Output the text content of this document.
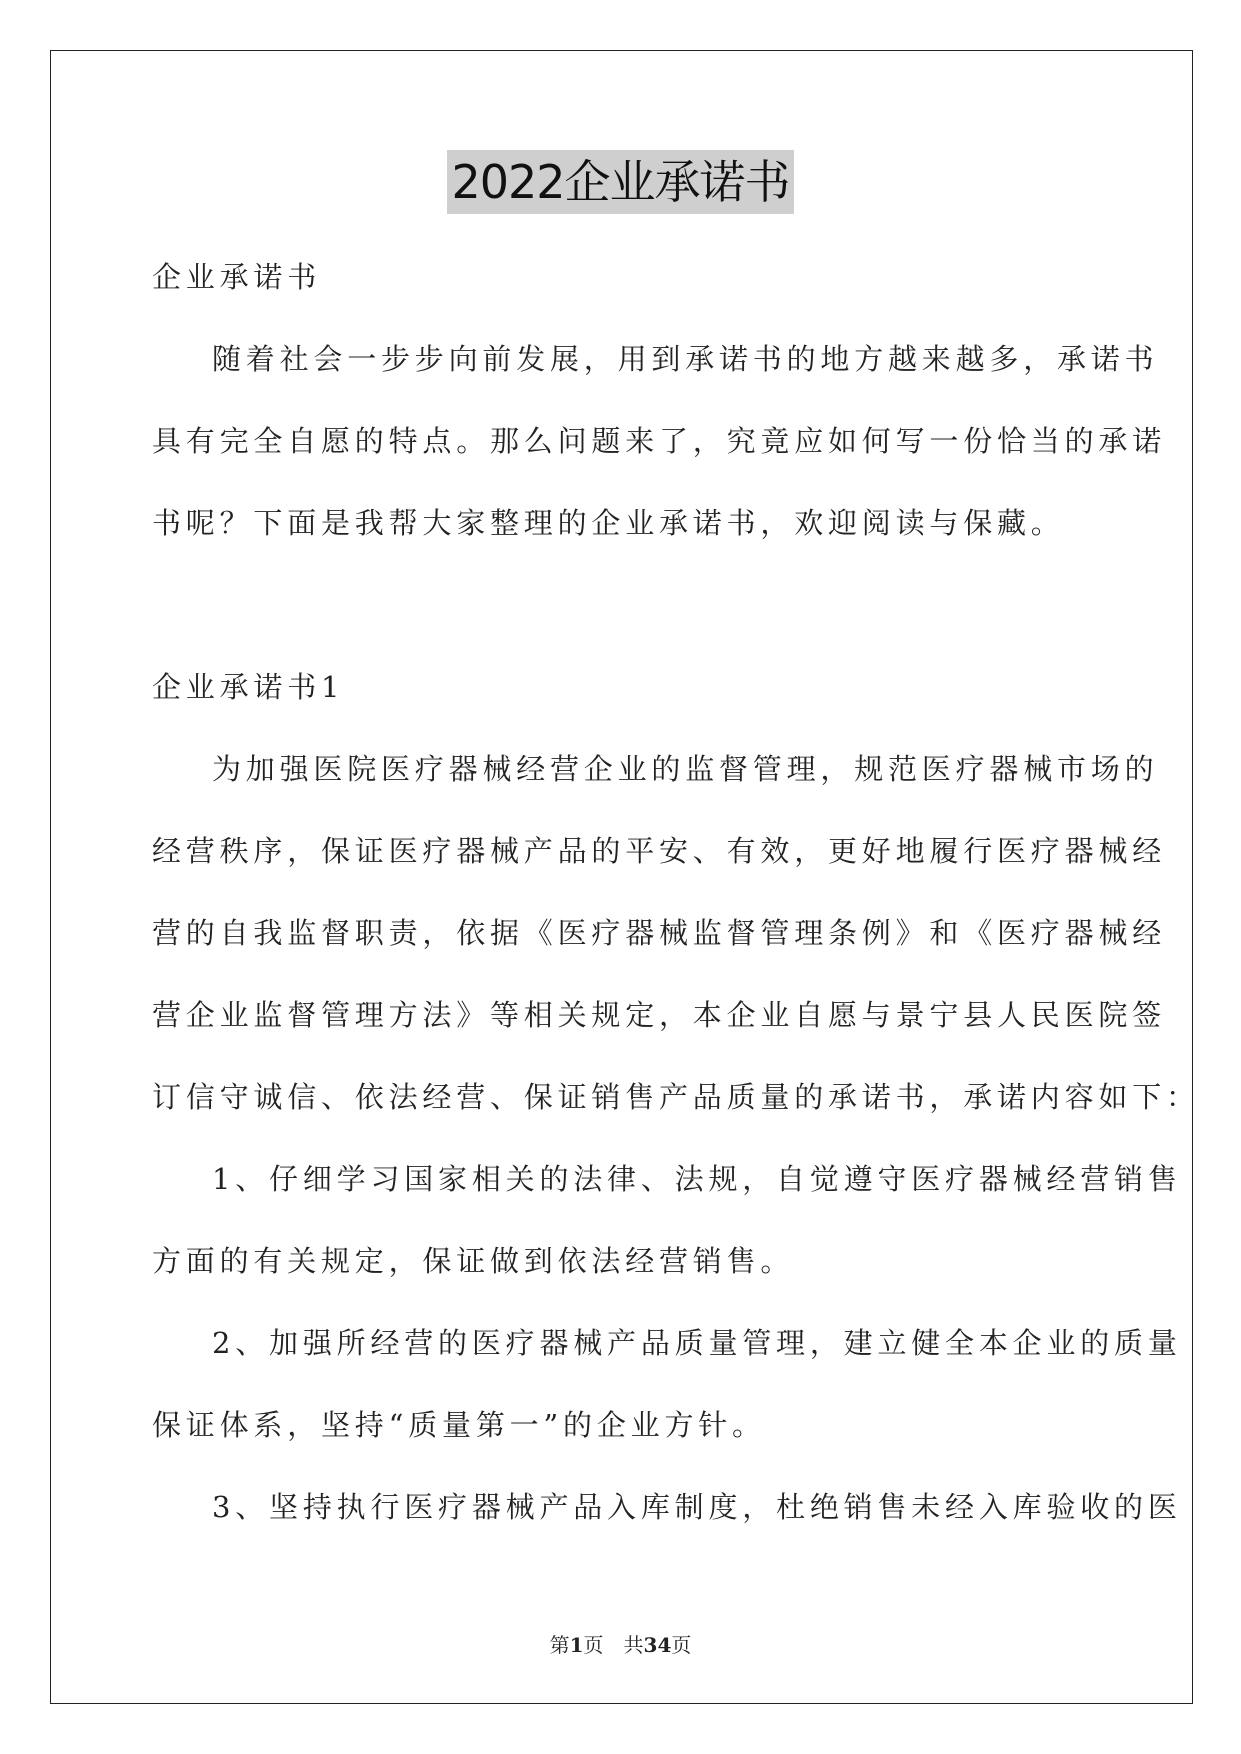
2022企业承诺书
企业承诺书
随着社会一步步向前发展，用到承诺书的地方越来越多，承诺书
具有完全自愿的特点。那么问题来了，究竟应如何写一份恰当的承诺
书呢？下面是我帮大家整理的企业承诺书，欢迎阅读与保藏。
企业承诺书1
为加强医院医疗器械经营企业的监督管理，规范医疗器械市场的
经营秩序，保证医疗器械产品的平安、有效，更好地履行医疗器械经
营的自我监督职责，依据《医疗器械监督管理条例》和《医疗器械经
营企业监督管理方法》等相关规定，本企业自愿与景宁县人民医院签
订信守诚信、依法经营、保证销售产品质量的承诺书，承诺内容如下：
1、仔细学习国家相关的法律、法规，自觉遵守医疗器械经营销售
方面的有关规定，保证做到依法经营销售。
2、加强所经营的医疗器械产品质量管理，建立健全本企业的质量
保证体系，坚持“质量第一”的企业方针。
3、坚持执行医疗器械产品入库制度，杜绝销售未经入库验收的医
第1页 共34页
